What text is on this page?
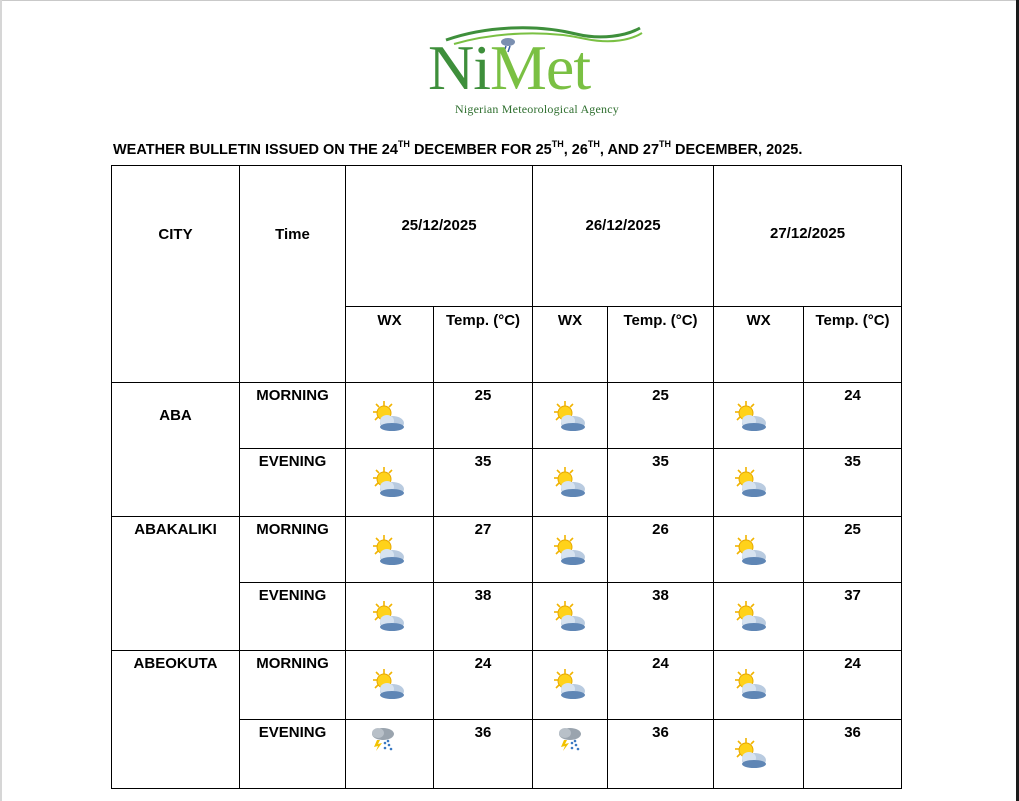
NiMet
Nigerian Meteorological Agency
WEATHER BULLETIN ISSUED ON THE 24TH DECEMBER FOR 25TH, 26TH, AND 27TH DECEMBER, 2025.
CITY	Time	25/12/2025		26/12/2025		27/12/2025	

		WX	Temp. (°C)	WX	Temp. (°C)	WX	Temp. (°C)

ABA	MORNING		25		25		24

	EVENING		35		35		35

ABAKALIKI	MORNING		27		26		25

	EVENING		38		38		37

ABEOKUTA	MORNING		24		24		24

	EVENING		36		36		36
